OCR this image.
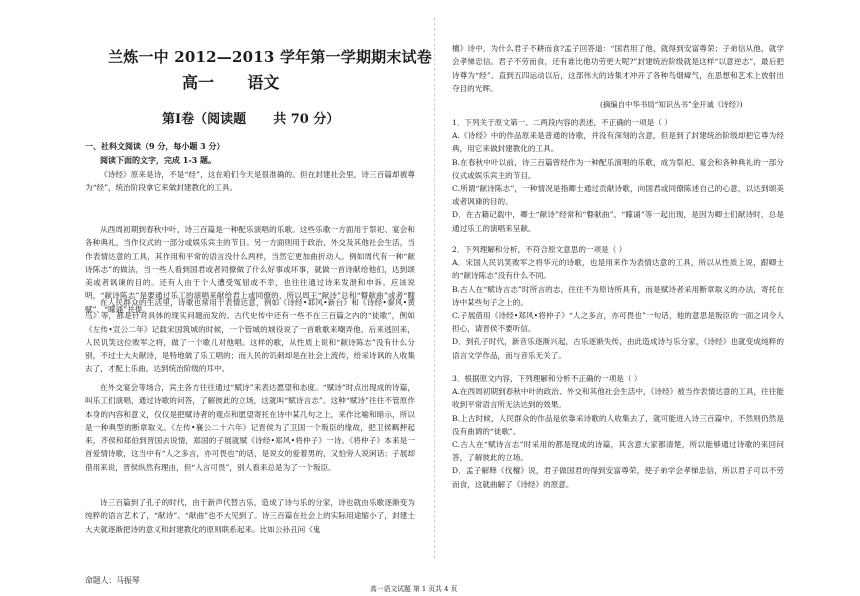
兰炼一中 2012—2013 学年第一学期期末试卷
高一      语文
第Ⅰ卷（阅读题      共 70 分）
一、社科文阅读（9 分，每小题 3 分）
阅读下面的文字，完成 1-3 题。
《诗经》原来是诗，不是“经”，这在咱们今天是很准确的。但在封建社会里，诗三百篇却被尊为“经”，统治阶段拿它来做封建教化的工具。
从西周初期到春秋中叶，诗三百篇是一种配乐演唱的乐歌。这些乐歌一方面用于祭祀、宴会和各种典礼，当作仪式的一部分或娱乐宾主的节目。另一方面则用于政治、外交及其他社会生活，当作表情达意的工具，其作用和平常的语言没什么两样，当然它更加曲折动人。例如周代有一种“献诗陈志”的做法，当一些人看到国君或者同僚做了什么好事或坏事，就做一首诗献给他们，达到颂美或者讽谏的目的。还有人由于个人遭受冤屈或不幸，也往往通过诗来发泄和申诉。应该说明，“献诗陈志”是要通过乐工的演唱来献给君上或同僚的，所以周王“献诗”总和“瞽献曲”或者“瞍赋”、“矇诵”并提。
在人民群众的生活里，诗歌也常用于表情达意，例如《诗经•邶风•新台》和《诗经•秦风•黄鸟》等，都是针对具体的现实问题而发的。古代史传中还有一些不在三百篇之内的“徒歌”，例如《左传•宣公二年》记载宋国筑城的时候，一个管城的城役说了一首歌歌来嘲弄他，后来逃回来，人民讥笑这位败军之将，做了一个歌儿对他唱。这样的歌，从性质上说和“献诗陈志”没有什么分别，不过士大夫献诗，是特地做了乐工唱的；而人民的讥刺却是在社会上流传，给采诗讽的人收集去了，才配上乐曲，达到统治阶级的耳中。
在外交宴会等场合，宾主各方往往通过“赋诗”来表达愿望和态度。“赋诗”时点出现成的诗篇，叫乐工们演唱，通过诗歌的问答，了解彼此的立场，这就叫“赋诗言志”。这种“赋诗”往往不管原作本身的内容和意义，仅仅是把赋诗者的观点和愿望寄托在诗中某几句之上，来作比喻和暗示，所以是一种典型的断章取义。《左传•襄公二十六年》记晋侯为了卫国一个叛臣的缘故，把卫侯羁押起来，齐侯和郑伯到晋国去说情，郑国的子展就赋《诗经•郑风•将仲子》一诗。《将仲子》本来是一首爱情诗歌，这当中有“人之多言，亦可畏也”的话，是说女的爱着男的，又怕旁人说闲话；子展却借用来说，晋侯纵然有理由，但“人言可畏”，别人看来总是为了一个叛臣。
诗三百篇到了孔子的时代，由于新声代替古乐，造成了诗与乐的分家，诗也就由乐歌逐渐变为纯粹的语言艺术了，“献诗”、“献曲”也不大见到了。诗三百篇在社会上的实际用途缩小了，封建士大夫就逐渐把诗的意义和封建教化的原则联系起来。比如公孙丑问《鬼
檀》诗中，为什么君子不耕而食?孟子回答道：“国君用了他，就得到安富尊荣；子弟信从他，就学会孝悌忠信。君子不劳而食，还有谁比他功劳更大呢?”封建统治阶级就是这样“以意逆志”，最后把诗尊为“经”。直到五四运动以后，这部伟大的诗集才冲开了各种鸟烟瘴气，在思想和艺术上放射出夺目的光辉。
(摘编自中华书局“知识丛书”金开诚《诗经》)
1．下列关于原文第一、二两段内容的表述，不正确的一项是（ ）
A.《诗经》中的作品原来是普通的诗歌，并没有深刻的含意，但是到了封建统治阶级却把它尊为经典，用它来做封建教化的工具。
B.在春秋中叶以前，诗三百篇曾经作为一种配乐演唱的乐歌，成为祭祀、宴会和各种典礼的一部分仪式或娱乐宾主的节目。
C.所谓“献诗陈志”，一种情况是指卿士通过贡献诗歌，向国君或同僚陈述自己的心意，以达到颂美或者讽谏的目的。
D．在古籍记载中，卿士“献诗”经常和“瞽献曲”、“矇诵”等一起出现，是因为卿士们献诗时，总是通过乐工的演唱来呈献。
2．下列理解和分析，不符合原文意思的一项是（ ）
A．宋国人民讥笑败军之将华元的诗歌，也是用来作为表情达意的工具，所以从性质上说，跟卿士的“献诗陈志”没有什么不同。
B.古人在“赋诗言志”时所言的志，往往不为原诗所具有，而是赋诗者采用断章取义的办法，寄托在诗中某些句子之上的。
C.子展借用《诗经•郑风•将仲子》“人之多言，亦可畏也”一句话，他的意思是叛臣的一面之词令人担心，请晋侯不要听信。
D．到孔子时代，新音乐逐渐兴起，古乐逐渐失传，由此造成诗与乐分家，《诗经》也就变成纯粹的语言文学作品，而与音乐无关了。
3．根据原文内容，下列理解和分析不正确的一项是（ ）
A.在西周初期到春秋中叶的政治、外交和其他社会生活中，《诗经》被当作表情达意的工具，往往能收到平常语言所无法达到的效果。
B.上古时候，人民群众的作品是依靠采诗歌的人收集去了，就可能进入诗三百篇中，不然则仍然是没有曲调的“徒歌”。
C.古人在“赋诗言志”时采用的都是现成的诗篇，其含意大家都清楚，所以能够通过诗歌的来回问答，了解彼此的立场。
D．孟子解释《伐檀》说，君子做国君的得到安富尊荣，使子弟学会孝悌忠信，所以君子可以不劳而食，这就曲解了《诗经》的原意。
命题人：马振琴
高一语文试题 第 1 页共 4 页
